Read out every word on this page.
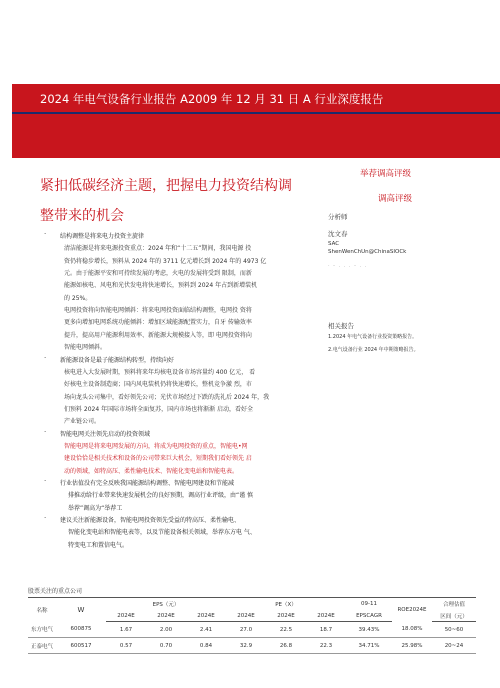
2024 年电气设备行业报告 A2009 年 12 月 31 日 A 行业深度报告
紧扣低碳经济主题，把握电力投资结构调
整带来的机会
举荐调高评级
调高评级
分析师
沈文春
SAC
ShenWenChUn@ChinaSIOCk
· - . . . - . .
相关报告
1.2024 年电气设备行业投资策略报告。
2.电气设备行业 2024 年中期策略报告。
· 结构调整是将来电力投资主旋律
清洁能源是将来电源投资重点：2024 年和“十二五”期间，我国电源 投
资仍将稳步增长，预料从 2024 年的 3711 亿元增长到 2024 年的 4973 亿
元。由于能源平安和可持续发展的考虑，火电的发展将受到 限制，而新
能源如核电、风电和光伏发电将快速增长，预料到 2024 年占到新增装机
的 25%。
电网投资将向智能电网倾斜：将来电网投资面临结构调整，电网投 资将
更多向增加电网系统功能倾斜：增加区域能源配置实力，自牙 传输效率
提升，提高用户能源利用效率、新能源大规模接入等，即 电网投资将向
智能电网倾斜。
· 新能源设备是最子能源结构转型，持续向好
核电进入大发展时期，预料将来年均核电设备市场容量约 400 亿元， 看
好核电主设备制造商；国内风电装机仍将快速增长，整机竞争激 烈，市
场向龙头公司集中，看好领先公司；光伏市场经过下跌的洗礼后 2024 年，我
们预料 2024 年国际市场将全面复苏，国内市场也将渐渐 启动，看好全
产业链公司。
· 智能电网关注领先启动的投资领域
智能电网是将来电网发展的方向，将成为电网投资的重点，智能电•网
建设恰恰是相关技术和设备的公司带来巨大机会，短期我们看好领先 启
动的领域，如特高压、柔性输电技术、智能化变电站和智能电表。
· 行业估值没有完全反映我国能源结构调整、智能电网建设和节能减
排推动给行业带来快速发展机会的良好预期，调高行业评级，由“谨 慎
举荐”调高为“举荐工
· 建议关注新能源设备，智能电网投资领先受益的特高压、柔性输电、
智能化变电站和智能电表等，以及节能设备相关领域，举荐东方电 气、
特变电工和置信电气。
股票关注的重点公司
名称	W	EPS（元）			PE（X）			09-11	ROE2024E	合理估值
		2024E	2024E	2024E	2024E	2024E	2024E	EPSCAGR		区间（元）
东方电气	600875	1.67	2.00	2.41	27.0	22.5	18.7	39.43%	18.08%	50~60
正泰电气	600517	0.57	0.70	0.84	32.9	26.8	22.3	34.71%	25.98%	20~24
